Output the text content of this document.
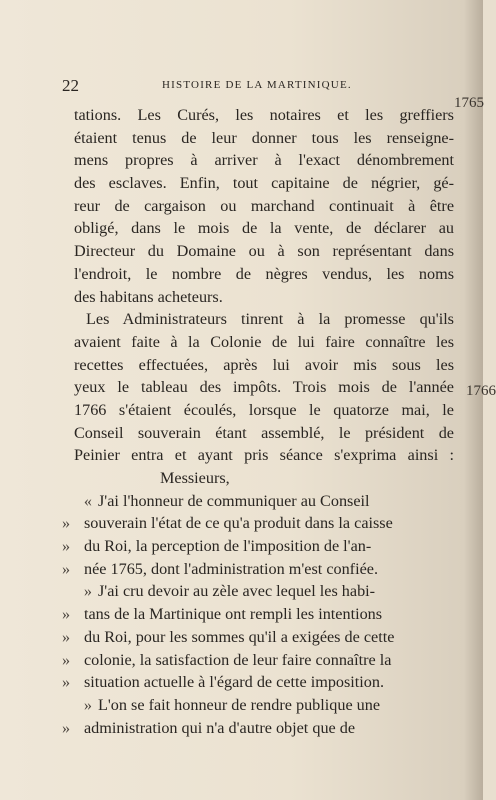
22	HISTOIRE DE LA MARTINIQUE.
1765
1766
tations. Les Curés, les notaires et les greffiers
étaient tenus de leur donner tous les renseigne-
mens propres à arriver à l'exact dénombrement
des esclaves. Enfin, tout capitaine de négrier, gé-
reur de cargaison ou marchand continuait à être
obligé, dans le mois de la vente, de déclarer au
Directeur du Domaine ou à son représentant dans
l'endroit, le nombre de nègres vendus, les noms
des habitans acheteurs.
Les Administrateurs tinrent à la promesse qu'ils
avaient faite à la Colonie de lui faire connaître les
recettes effectuées, après lui avoir mis sous les
yeux le tableau des impôts. Trois mois de l'année
1766 s'étaient écoulés, lorsque le quatorze mai, le
Conseil souverain étant assemblé, le président de
Peinier entra et ayant pris séance s'exprima ainsi :
Messieurs,
« J'ai l'honneur de communiquer au Conseil
» souverain l'état de ce qu'a produit dans la caisse
» du Roi, la perception de l'imposition de l'an-
» née 1765, dont l'administration m'est confiée.
» J'ai cru devoir au zèle avec lequel les habi-
» tans de la Martinique ont rempli les intentions
» du Roi, pour les sommes qu'il a exigées de cette
» colonie, la satisfaction de leur faire connaître la
» situation actuelle à l'égard de cette imposition.
» L'on se fait honneur de rendre publique une
» administration qui n'a d'autre objet que de
